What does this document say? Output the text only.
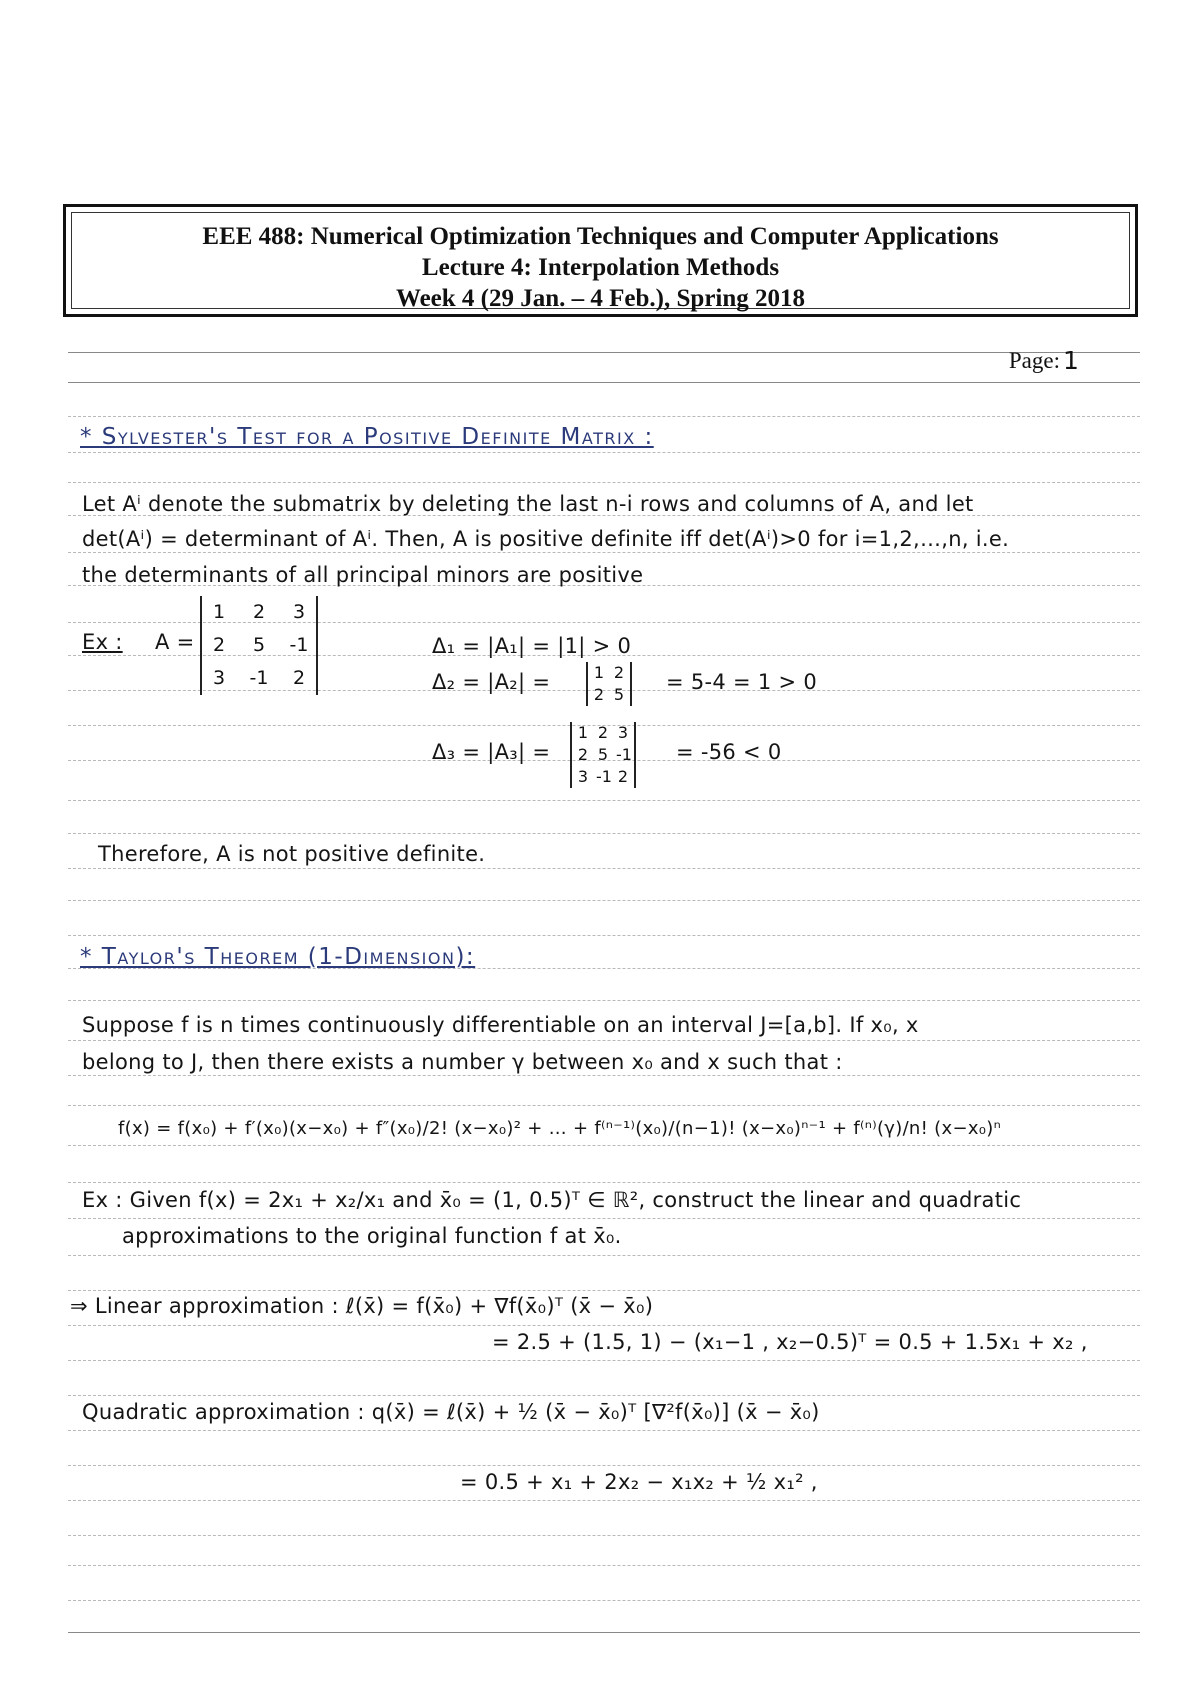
EEE 488: Numerical Optimization Techniques and Computer Applications
Lecture 4: Interpolation Methods
Week 4 (29 Jan. – 4 Feb.), Spring 2018
Page: 1
* Sylvester's Test for a Positive Definite Matrix :
Let Aⁱ denote the submatrix by deleting the last n-i rows and columns of A, and let
det(Aⁱ) = determinant of Aⁱ. Then, A is positive definite iff det(Aⁱ)>0 for i=1,2,…,n, i.e.
the determinants of all principal minors are positive
Ex : A =
1 2 3
2 5 -1
3 -1 2
Δ₁ = |A₁| = |1| > 0
Δ₂ = |A₂| =	1 2
2 5
= 5-4 = 1 > 0
Δ₃ = |A₃| =
1 2 3
2 5 -1
3 -1 2
= -56 < 0
Therefore, A is not positive definite.
* Taylor's Theorem (1-Dimension):
Suppose f is n times continuously differentiable on an interval J=[a,b]. If x₀, x
belong to J, then there exists a number γ between x₀ and x such that :
f(x) = f(x₀) + f′(x₀)(x−x₀) + f″(x₀)/2! (x−x₀)² + … + f⁽ⁿ⁻¹⁾(x₀)/(n−1)! (x−x₀)ⁿ⁻¹ + f⁽ⁿ⁾(γ)/n! (x−x₀)ⁿ
Ex : Given f(x) = 2x₁ + x₂/x₁ and x̄₀ = (1, 0.5)ᵀ ∈ ℝ², construct the linear and quadratic
approximations to the original function f at x̄₀.
⇒ Linear approximation : ℓ(x̄) = f(x̄₀) + ∇f(x̄₀)ᵀ (x̄ − x̄₀)
= 2.5 + (1.5, 1) − (x₁−1 , x₂−0.5)ᵀ = 0.5 + 1.5x₁ + x₂ ,
Quadratic approximation : q(x̄) = ℓ(x̄) + ½ (x̄ − x̄₀)ᵀ [∇²f(x̄₀)] (x̄ − x̄₀)
= 0.5 + x₁ + 2x₂ − x₁x₂ + ½ x₁² ,
